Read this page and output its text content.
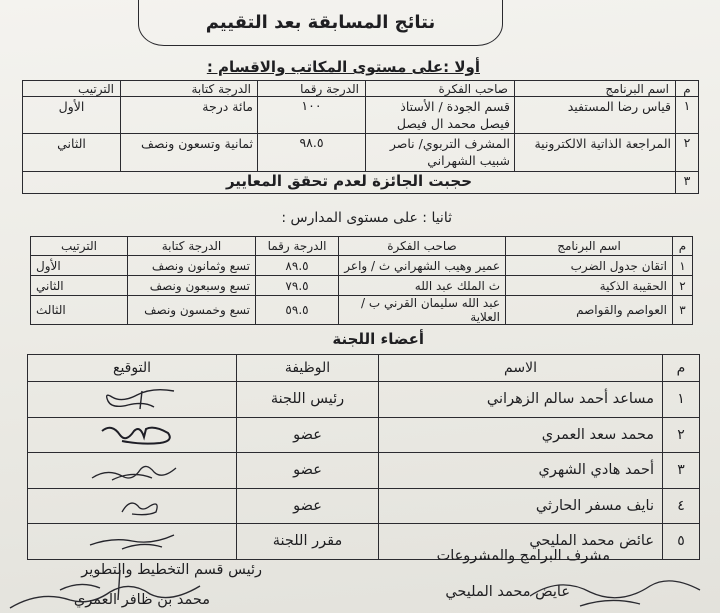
نتائج المسابقة بعد التقييم
أولا :على مستوى المكاتب والاقسام :
م	اسم البرنامج	صاحب الفكرة	الدرجة رقما	الدرجة كتابة	الترتيب
١	قياس رضا المستفيد	قسم الجودة / الأستاذ فيصل محمد ال فيصل	١٠٠	مائة درجة	الأول
٢	المراجعة الذاتية الالكترونية	المشرف التربوي/ ناصر شبيب الشهراني	٩٨.٥	ثمانية وتسعون ونصف	الثاني
٣	حجبت الجائزة لعدم تحقق المعايير				
ثانيا : على مستوى المدارس :
م	اسم البرنامج	صاحب الفكرة	الدرجة رقما	الدرجة كتابة	الترتيب
١	اتقان جدول الضرب	عمير وهيب الشهراني ث / واعر	٨٩.٥	تسع وثمانون ونصف	الأول
٢	الحقيبة الذكية	ث الملك عبد الله	٧٩.٥	تسع وسبعون ونصف	الثاني
٣	العواصم والقواصم	عبد الله سليمان القرني ب / العلاية	٥٩.٥	تسع وخمسون ونصف	الثالث
أعضاء اللجنة
م	الاسم	الوظيفة	التوقيع
١	مساعد أحمد سالم الزهراني	رئيس اللجنة	

٢	محمد سعد العمري	عضو	

٣	أحمد هادي الشهري	عضو	

٤	نايف مسفر الحارثي	عضو	

٥	عائض محمد المليحي	مقرر اللجنة	
مشرف البرامج والمشروعات
عايض محمد المليحي
رئيس قسم التخطيط والتطوير
محمد بن ظافر العمري
